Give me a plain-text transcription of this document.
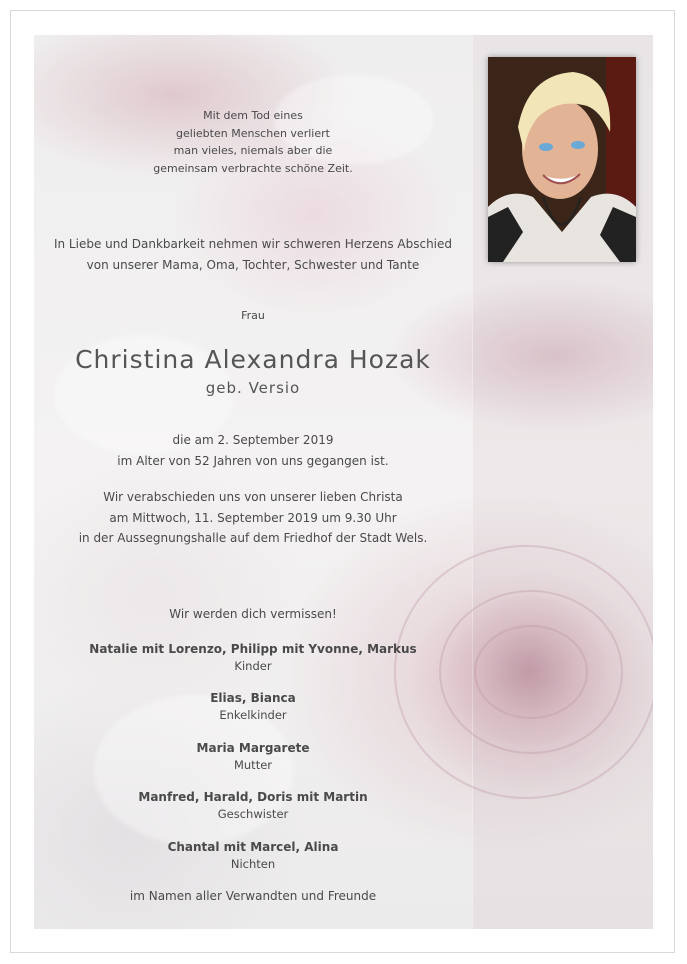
Mit dem Tod eines

geliebten Menschen verliert

man vieles, niemals aber die

gemeinsam verbrachte schöne Zeit.

In Liebe und Dankbarkeit nehmen wir schweren Herzens Abschied

von unserer Mama, Oma, Tochter, Schwester und Tante

Frau
Christina Alexandra Hozak
geb. Versio

die am 2. September 2019

im Alter von 52 Jahren von uns gegangen ist.

Wir verabschieden uns von unserer lieben Christa

am Mittwoch, 11. September 2019 um 9.30 Uhr

in der Aussegnungshalle auf dem Friedhof der Stadt Wels.

Wir werden dich vermissen!

Natalie mit Lorenzo, Philipp mit Yvonne, Markus

Kinder

Elias, Bianca

Enkelkinder

Maria Margarete

Mutter

Manfred, Harald, Doris mit Martin

Geschwister

Chantal mit Marcel, Alina

Nichten

im Namen aller Verwandten und Freunde
